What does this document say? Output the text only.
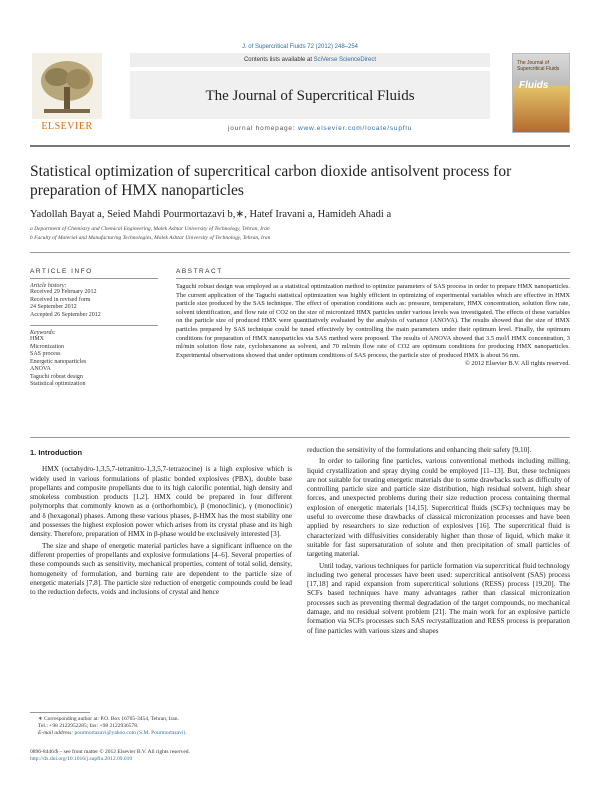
J. of Supercritical Fluids 72 (2012) 248–254
ELSEVIER
Contents lists available at SciVerse ScienceDirect
The Journal of Supercritical Fluids
journal homepage: www.elsevier.com/locate/supflu
The Journal of Supercritical Fluids
Fluids
Statistical optimization of supercritical carbon dioxide antisolvent process for preparation of HMX nanoparticles
Yadollah Bayat a, Seied Mahdi Pourmortazavi b,∗, Hatef Iravani a, Hamideh Ahadi a
a Department of Chemistry and Chemical Engineering, Malek Ashtar University of Technology, Tehran, Iran
b Faculty of Material and Manufacturing Technologies, Malek Ashtar University of Technology, Tehran, Iran
ARTICLE INFO
Article history:
Received 29 February 2012
Received in revised form
24 September 2012
Accepted 26 September 2012
Keywords:
HMX
Micronization
SAS process
Energetic nanoparticles
ANOVA
Taguchi robust design
Statistical optimization
ABSTRACT
Taguchi robust design was employed as a statistical optimization method to optimize parameters of SAS process in order to prepare HMX nanoparticles. The current application of the Taguchi statistical optimization was highly efficient in optimizing of experimental variables which are effective in HMX particle size produced by the SAS technique. The effect of operation conditions such as: pressure, temperature, HMX concentration, solution flow rate, solvent identification, and flow rate of CO2 on the size of micronized HMX particles under various levels was investigated. The effects of these variables on the particle size of produced HMX were quantitatively evaluated by the analysis of variance (ANOVA). The results showed that the size of HMX particles prepared by SAS technique could be tuned effectively by controlling the main parameters under their optimum level. Finally, the optimum conditions for preparation of HMX nanoparticles via SAS method were proposed. The results of ANOVA showed that 3.5 mol/l HMX concentration, 3 ml/min solution flow rate, cyclohexanone as solvent, and 70 ml/min flow rate of CO2 are optimum conditions for producing HMX nanoparticles. Experimental observations showed that under optimum conditions of SAS process, the particle size of produced HMX is about 56 nm.
© 2012 Elsevier B.V. All rights reserved.
1. Introduction

HMX (octahydro-1,3,5,7-tetranitro-1,3,5,7-tetrazocine) is a high explosive which is widely used in various formulations of plastic bonded explosives (PBX), double base propellants and composite propellants due to its high calorific potential, high density and smokeless combustion products [1,2]. HMX could be prepared in four different polymorphs that commonly known as α (orthorhombic), β (monoclinic), γ (monoclinic) and δ (hexagonal) phases. Among these various phases, β-HMX has the most stability one and possesses the highest explosion power which arises from its crystal phase and its high density. Therefore, preparation of HMX in β-phase would be exclusively interested [3].

The size and shape of energetic material particles have a significant influence on the different properties of propellants and explosive formulations [4–6]. Several properties of these compounds such as sensitivity, mechanical properties, content of total solid, density, homogeneity of formulation, and burning rate are dependent to the particle size of energetic materials [7,8]. The particle size reduction of energetic compounds could be lead to the reduction defects, voids and inclusions of crystal and hence

reduction the sensitivity of the formulations and enhancing their safety [9,10].

In order to tailoring fine particles, various conventional methods including milling, liquid crystallization and spray drying could be employed [11–13]. But, these techniques are not suitable for treating energetic materials due to some drawbacks such as difficulty of controlling particle size and particle size distribution, high residual solvent, high shear forces, and unexpected problems during their size reduction process containing thermal explosion of energetic materials [14,15]. Supercritical fluids (SCFs) techniques may be useful to overcome these drawbacks of classical micronization processes and have been applied by researchers to size reduction of explosives [16]. The supercritical fluid is characterized with diffusivities considerably higher than those of liquid, which make it suitable for fast supersaturation of solute and then precipitation of small particles of targeting material.

Until today, various techniques for particle formation via supercritical fluid technology including two general processes have been used: supercritical antisolvent (SAS) process [17,18] and rapid expansion from supercritical solutions (RESS) process [19,20]. The SCFs based techniques have many advantages rather than classical micronization processes such as preventing thermal degradation of the target compounds, no mechanical damage, and no residual solvent problem [21]. The main work for an explosive particle formation via SCFs processes such SAS recrystallization and RESS process is preparation of fine particles with various sizes and shapes

∗ Corresponding author at: P.O. Box 16765-3454, Tehran, Iran.
Tel.: +98 2122952285; fax: +98 2122936578.
E-mail address: pourmortazavi@yahoo.com (S.M. Pourmortazavi).
0896-8446/$ – see front matter © 2012 Elsevier B.V. All rights reserved.
http://dx.doi.org/10.1016/j.supflu.2012.09.010
